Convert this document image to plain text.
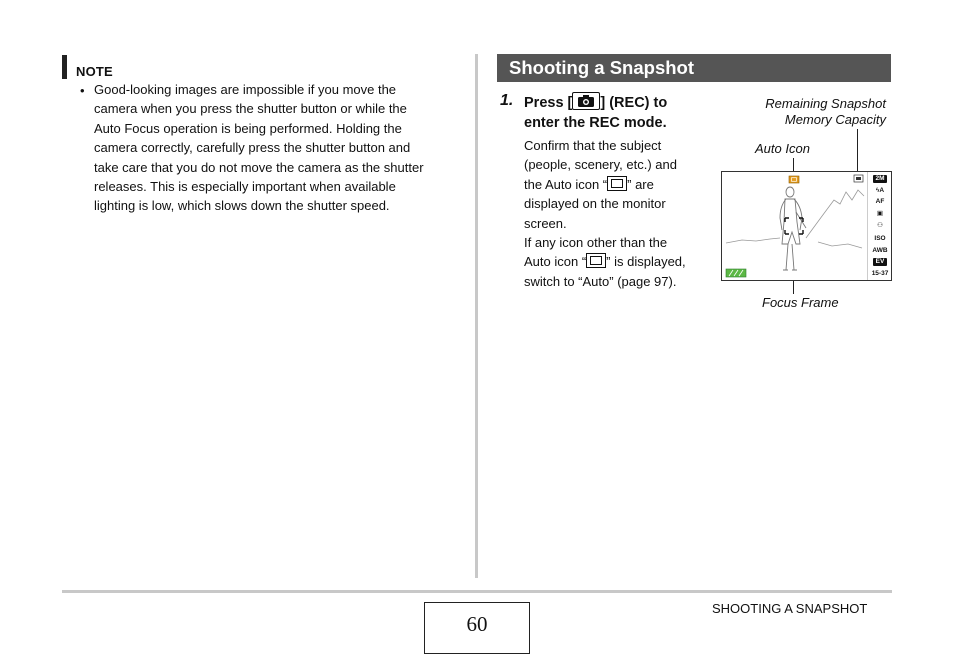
NOTE
• Good-looking images are impossible if you move the
camera when you press the shutter button or while the
Auto Focus operation is being performed. Holding the
camera correctly, carefully press the shutter button and
take care that you do not move the camera as the shutter
releases. This is especially important when available
lighting is low, which slows down the shutter speed.
Shooting a Snapshot
1. Press [ ] (REC) to
enter the REC mode.
Confirm that the subject
(people, scenery, etc.) and
the Auto icon “ ” are
displayed on the monitor
screen.
If any icon other than the
Auto icon “ ” is displayed,
switch to “Auto” (page 97).
Remaining Snapshot
Memory Capacity
Auto Icon
Focus Frame
2M
ϟA
AF
▣
⚇
ISO
AWB
EV
15-37
60
SHOOTING A SNAPSHOT
